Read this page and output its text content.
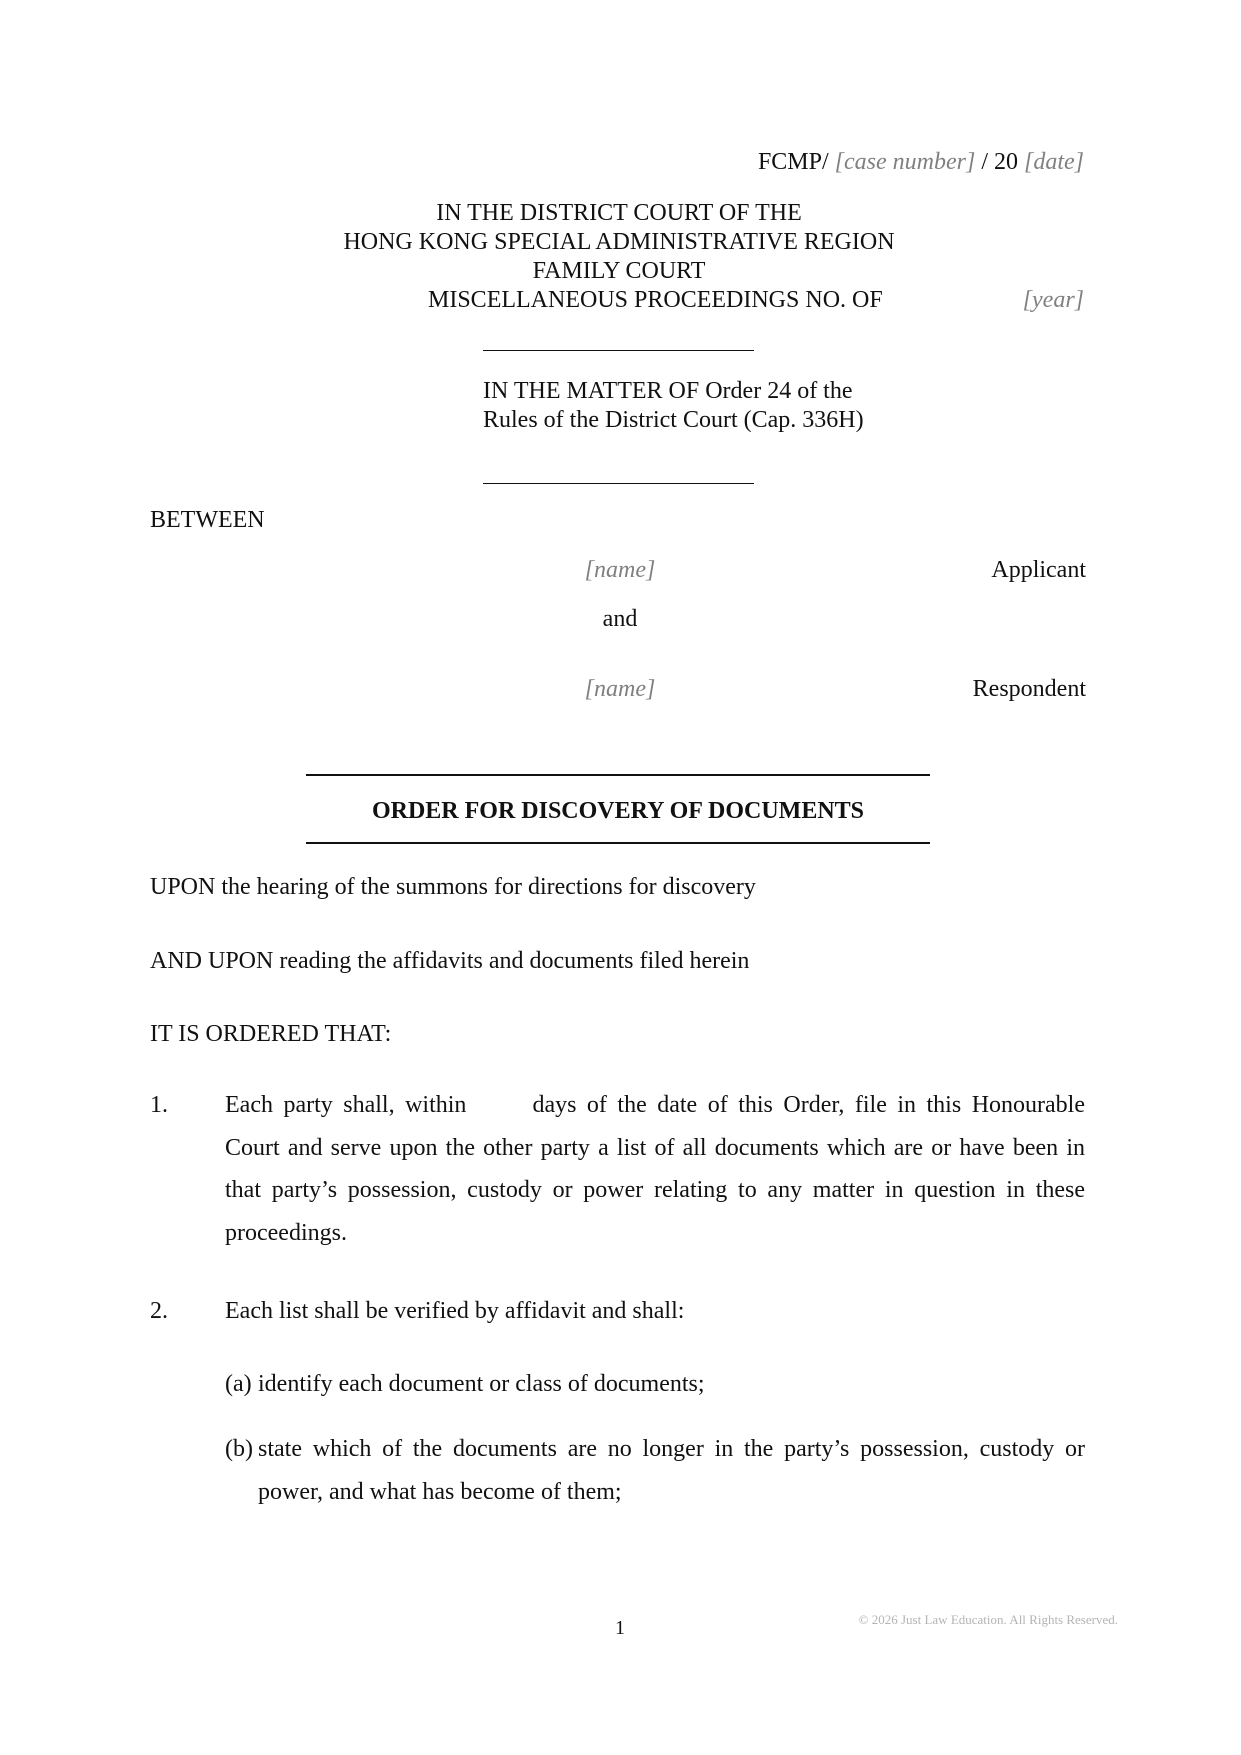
FCMP/ [case number] / 20 [date]
IN THE DISTRICT COURT OF THE
HONG KONG SPECIAL ADMINISTRATIVE REGION
FAMILY COURT
MISCELLANEOUS PROCEEDINGS NO. OF	[year]
IN THE MATTER OF Order 24 of the
Rules of the District Court (Cap. 336H)
BETWEEN
[name]	Applicant
and
[name]	Respondent
ORDER FOR DISCOVERY OF DOCUMENTS
UPON the hearing of the summons for directions for discovery
AND UPON reading the affidavits and documents filed herein
IT IS ORDERED THAT:
1. Each party shall, within	days of the date of this Order, file in this Honourable Court and serve upon the other party a list of all documents which are or have been in that party’s possession, custody or power relating to any matter in question in these proceedings.
2. Each list shall be verified by affidavit and shall:
(a) identify each document or class of documents;
(b) state which of the documents are no longer in the party’s possession, custody or power, and what has become of them;
1	© 2026 Just Law Education. All Rights Reserved.
